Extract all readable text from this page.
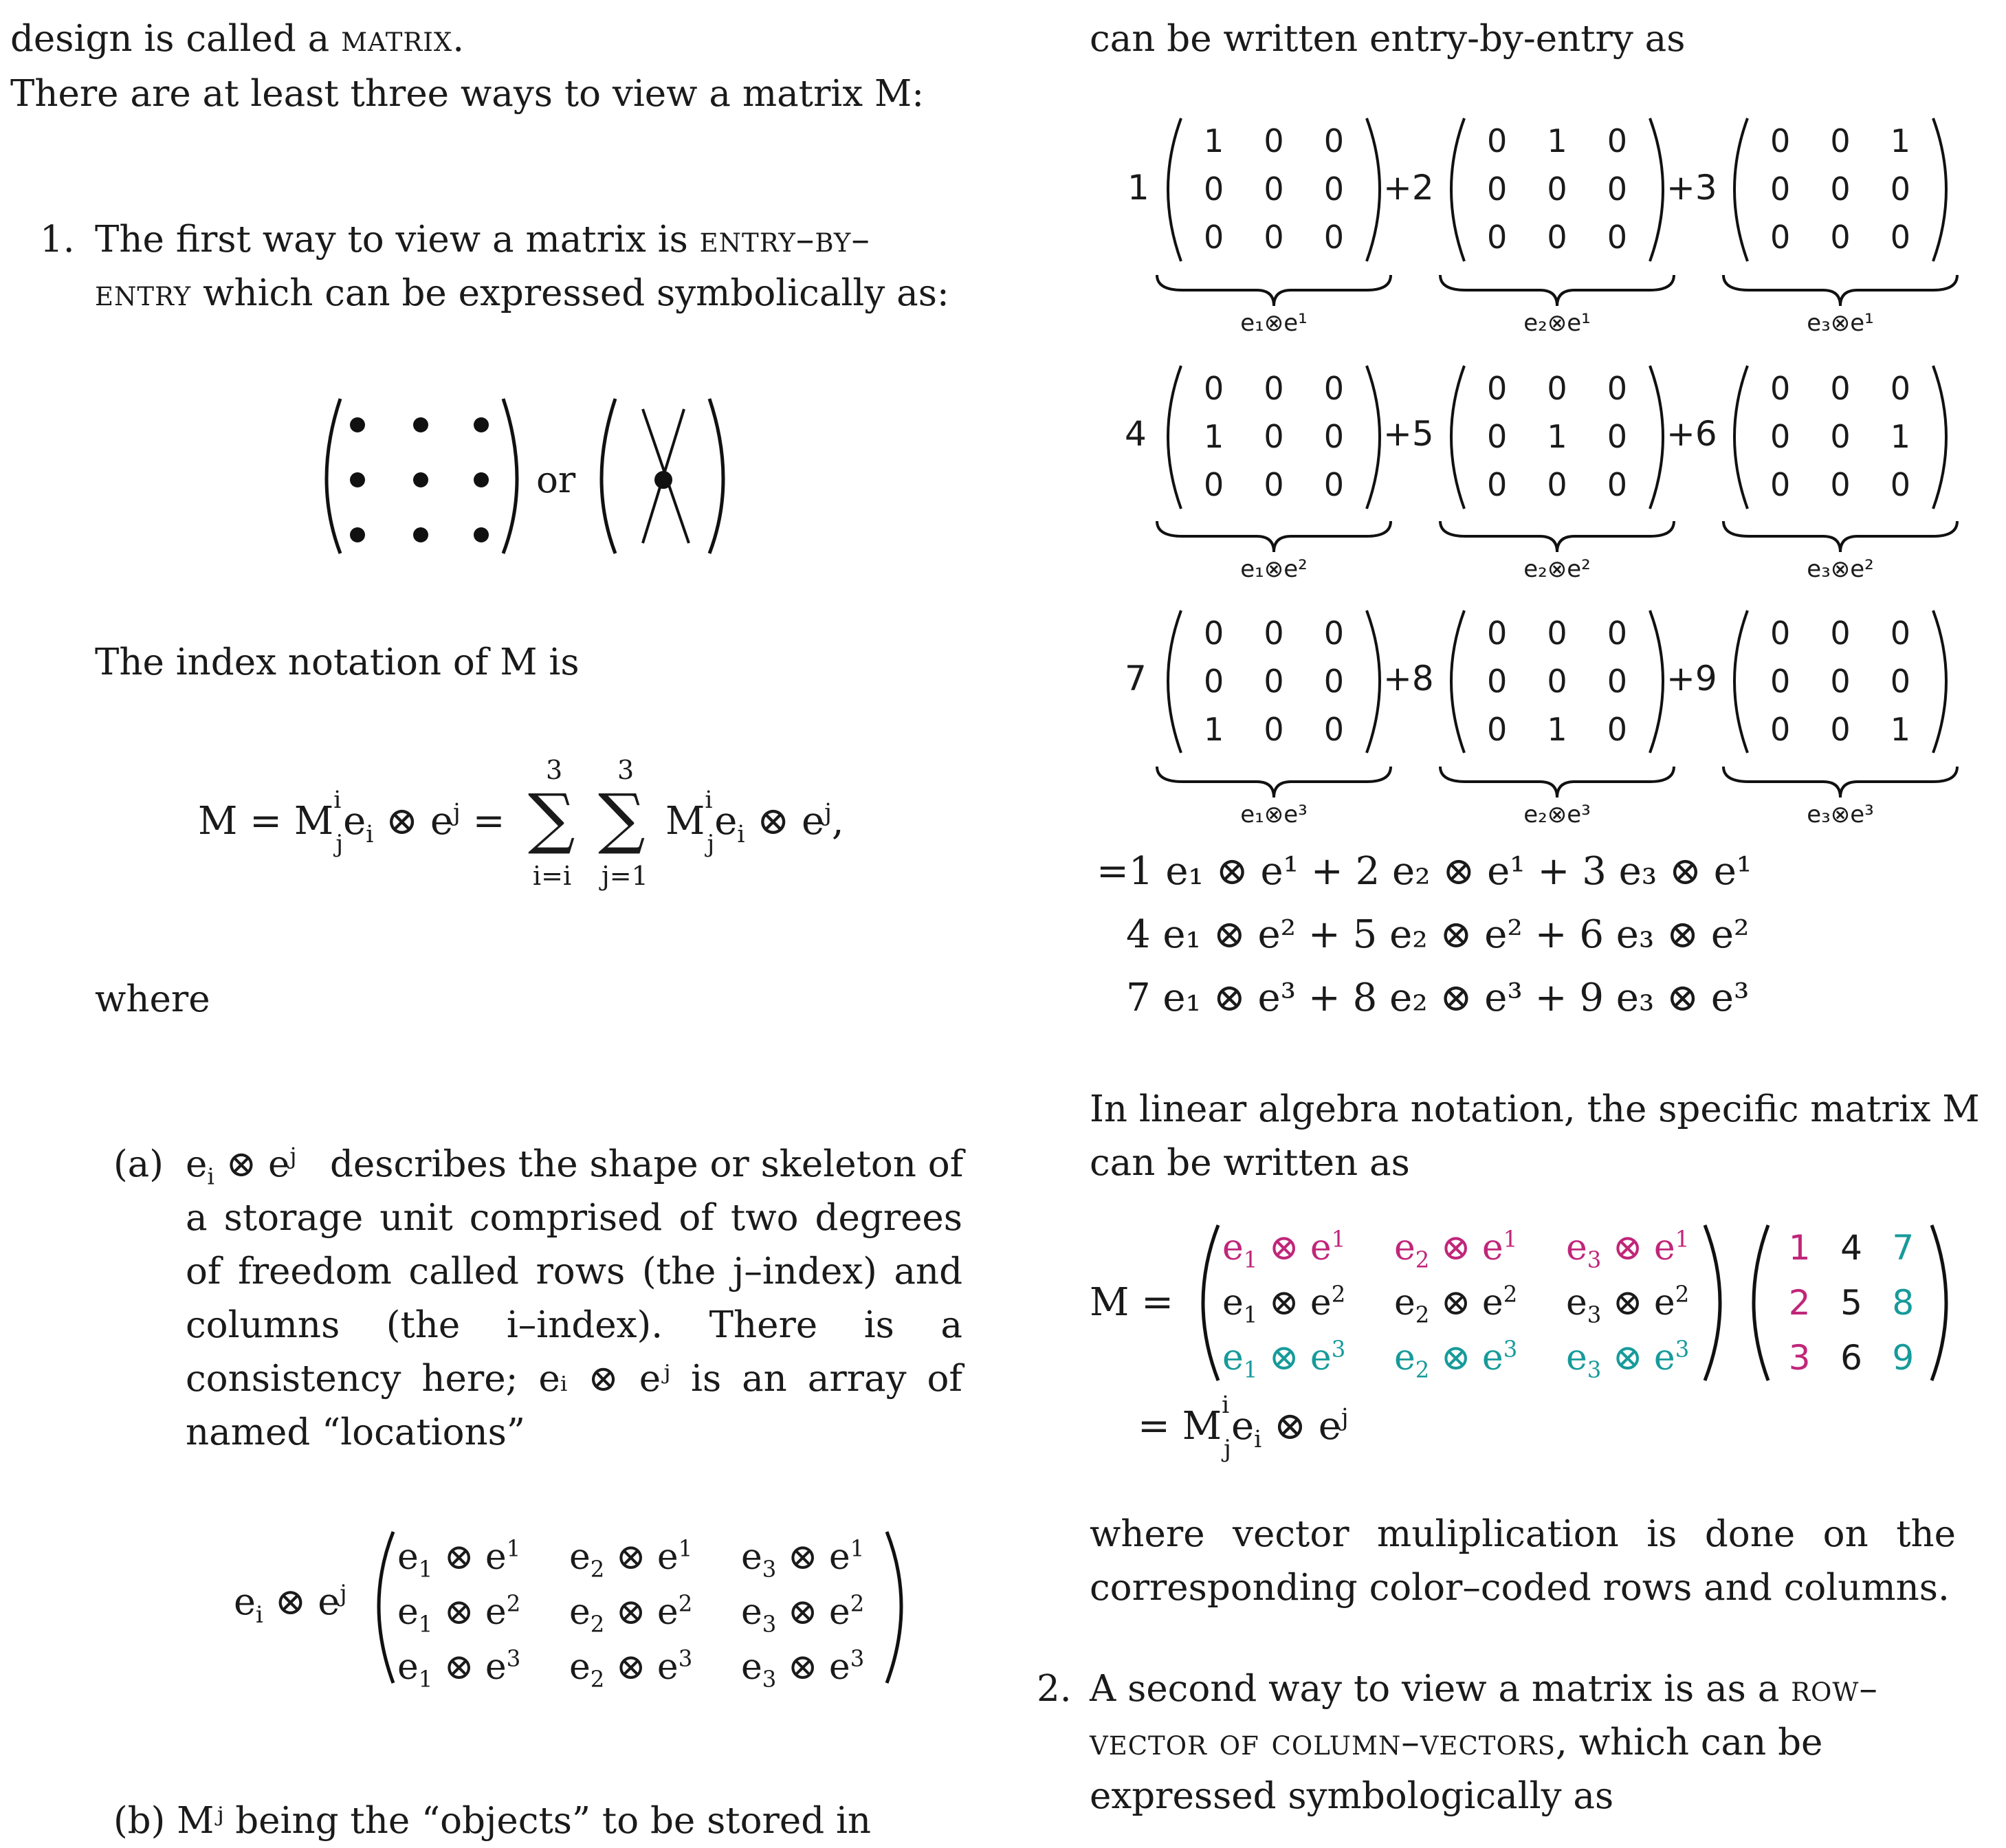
design is called a matrix.
There are at least three ways to view a matrix M:
1. The first way to view a matrix is entry–by–
entry which can be expressed symbolically as:
or
The index notation of M is
$M = M^i_je_i$ ⊗ $e^j$ =
3 3
∑ ∑
i=i j=1
$M^i_je_i$ ⊗ $e^j$,
where
(a) $e_i$ ⊗ $e^j$ describes the shape or skeleton of
a storage unit comprised of two degrees
of freedom called rows (the j–index) and
columns (the i–index). There is a
consistency here; eᵢ ⊗ eʲ is an array of
named “locations”
$e_i$ ⊗ $e^j$
$e_1$ ⊗ $e^1$	$e_2$ ⊗ $e^1$	$e_3$ ⊗ $e^1$
$e_1$ ⊗ $e^2$	$e_2$ ⊗ $e^2$	$e_3$ ⊗ $e^2$
$e_1$ ⊗ $e^3$	$e_2$ ⊗ $e^3$	$e_3$ ⊗ $e^3$
(b) Mʲ being the “objects” to be stored in
can be written entry-by-entry as
1	0	0
0	0	0
0	0	0
0	1	0
0	0	0
0	0	0
0	0	1
0	0	0
0	0	0
0	0	0
1	0	0
0	0	0
0	0	0
0	1	0
0	0	0
0	0	0
0	0	1
0	0	0
0	0	0
0	0	0
1	0	0
0	0	0
0	0	0
0	1	0
0	0	0
0	0	0
0	0	1
1	+2	+3
4	+5	+6
7	+8	+9
e₁⊗e¹	e₂⊗e¹	e₃⊗e¹
e₁⊗e²	e₂⊗e²	e₃⊗e²
e₁⊗e³	e₂⊗e³	e₃⊗e³
=1 e₁ ⊗ e¹ + 2 e₂ ⊗ e¹ + 3 e₃ ⊗ e¹
4 e₁ ⊗ e² + 5 e₂ ⊗ e² + 6 e₃ ⊗ e²
7 e₁ ⊗ e³ + 8 e₂ ⊗ e³ + 9 e₃ ⊗ e³
In linear algebra notation, the specific matrix M
can be written as
M =
$e_1$ ⊗ $e^1$	$e_2$ ⊗ $e^1$	$e_3$ ⊗ $e^1$
$e_1$ ⊗ $e^2$	$e_2$ ⊗ $e^2$	$e_3$ ⊗ $e^2$
$e_1$ ⊗ $e^3$	$e_2$ ⊗ $e^3$	$e_3$ ⊗ $e^3$
1 4 7
2 5 8
3 6 9
= $M^i_je_i$ ⊗ $e^j$
where vector muliplication is done on the
corresponding color–coded rows and columns.
2. A second way to view a matrix is as a row–
vector of column–vectors, which can be
expressed symbologically as
